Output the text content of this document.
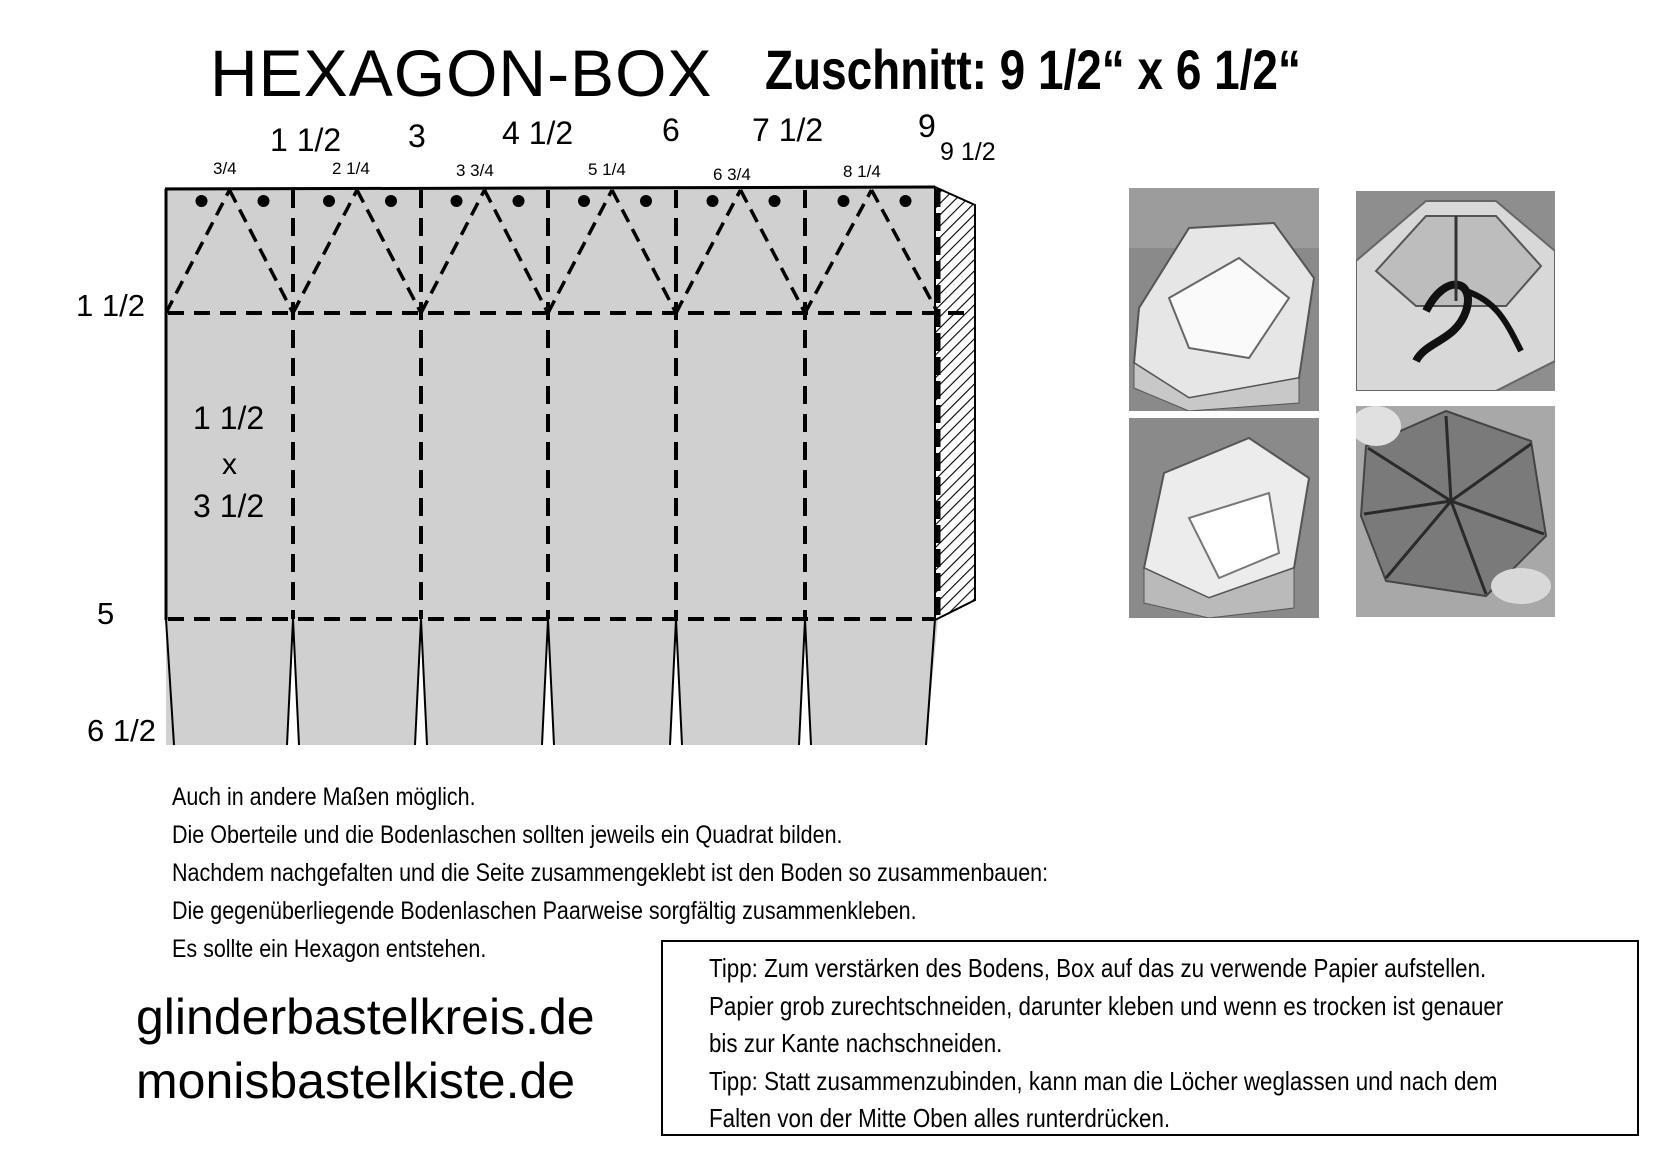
HEXAGON-BOX Zuschnitt: 9 1/2“ x 6 1/2“
1 1/2 3 4 1/2	6 7 1/2	9
9 1/2
3/4	2 1/4	3 3/4	5 1/4	6 3/4	8 1/4
1 1/2
5
6 1/2
1 1/2
x
3 1/2
Auch in andere Maßen möglich.
Die Oberteile und die Bodenlaschen sollten jeweils ein Quadrat bilden.
Nachdem nachgefalten und die Seite zusammengeklebt ist den Boden so zusammenbauen:
Die gegenüberliegende Bodenlaschen Paarweise sorgfältig zusammenkleben.
Es sollte ein Hexagon entstehen.
glinderbastelkreis.de
monisbastelkiste.de
Tipp: Zum verstärken des Bodens, Box auf das zu verwende Papier aufstellen.
Papier grob zurechtschneiden, darunter kleben und wenn es trocken ist genauer
bis zur Kante nachschneiden.
Tipp: Statt zusammenzubinden, kann man die Löcher weglassen und nach dem
Falten von der Mitte Oben alles runterdrücken.
